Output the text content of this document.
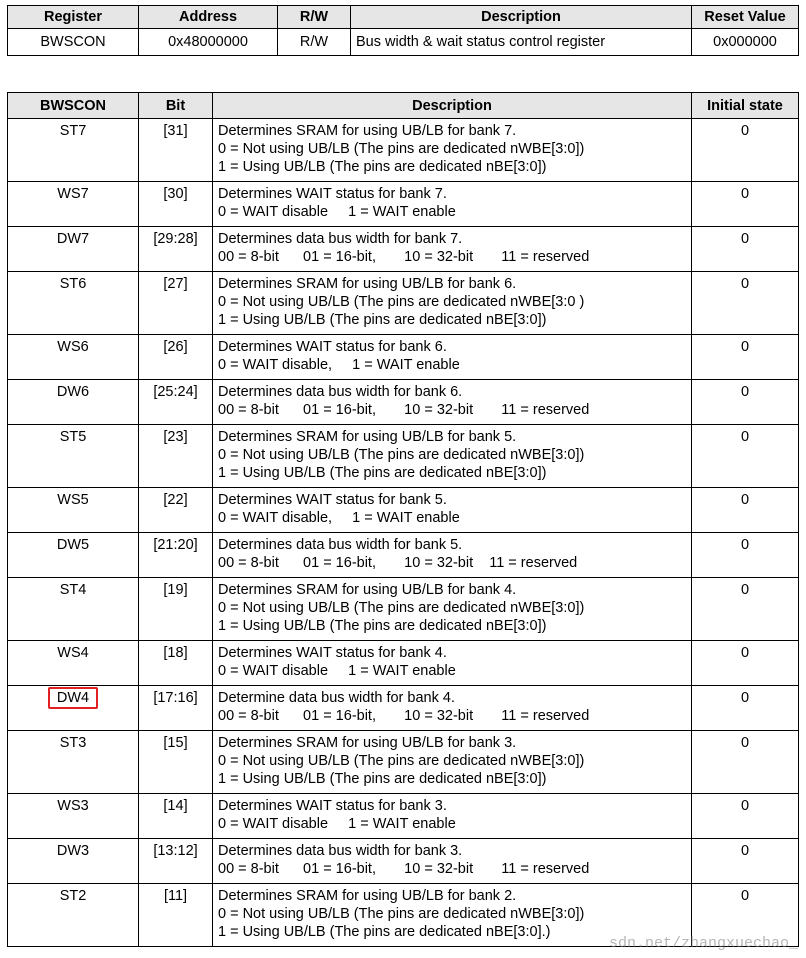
Register	Address	R/W	Description	Reset Value
BWSCON	0x48000000	R/W	Bus width & wait status control register	0x000000
BWSCON	Bit	Description	Initial state
ST7	[31]	Determines SRAM for using UB/LB for bank 7.
0 = Not using UB/LB (The pins are dedicated nWBE[3:0])
1 = Using UB/LB (The pins are dedicated nBE[3:0])	0
WS7	[30]	Determines WAIT status for bank 7.
0 = WAIT disable     1 = WAIT enable	0
DW7	[29:28]	Determines data bus width for bank 7.
00 = 8-bit      01 = 16-bit,       10 = 32-bit       11 = reserved	0
ST6	[27]	Determines SRAM for using UB/LB for bank 6.
0 = Not using UB/LB (The pins are dedicated nWBE[3:0 )
1 = Using UB/LB (The pins are dedicated nBE[3:0])	0
WS6	[26]	Determines WAIT status for bank 6.
0 = WAIT disable,     1 = WAIT enable	0
DW6	[25:24]	Determines data bus width for bank 6.
00 = 8-bit      01 = 16-bit,       10 = 32-bit       11 = reserved	0
ST5	[23]	Determines SRAM for using UB/LB for bank 5.
0 = Not using UB/LB (The pins are dedicated nWBE[3:0])
1 = Using UB/LB (The pins are dedicated nBE[3:0])	0
WS5	[22]	Determines WAIT status for bank 5.
0 = WAIT disable,     1 = WAIT enable	0
DW5	[21:20]	Determines data bus width for bank 5.
00 = 8-bit      01 = 16-bit,       10 = 32-bit    11 = reserved	0
ST4	[19]	Determines SRAM for using UB/LB for bank 4.
0 = Not using UB/LB (The pins are dedicated nWBE[3:0])
1 = Using UB/LB (The pins are dedicated nBE[3:0])	0
WS4	[18]	Determines WAIT status for bank 4.
0 = WAIT disable     1 = WAIT enable	0
DW4	[17:16]	Determine data bus width for bank 4.
00 = 8-bit      01 = 16-bit,       10 = 32-bit       11 = reserved	0
ST3	[15]	Determines SRAM for using UB/LB for bank 3.
0 = Not using UB/LB (The pins are dedicated nWBE[3:0])
1 = Using UB/LB (The pins are dedicated nBE[3:0])	0
WS3	[14]	Determines WAIT status for bank 3.
0 = WAIT disable     1 = WAIT enable	0
DW3	[13:12]	Determines data bus width for bank 3.
00 = 8-bit      01 = 16-bit,       10 = 32-bit       11 = reserved	0
ST2	[11]	Determines SRAM for using UB/LB for bank 2.
0 = Not using UB/LB (The pins are dedicated nWBE[3:0])
1 = Using UB/LB (The pins are dedicated nBE[3:0].)	0
sdn.net/zhangxuechao_
